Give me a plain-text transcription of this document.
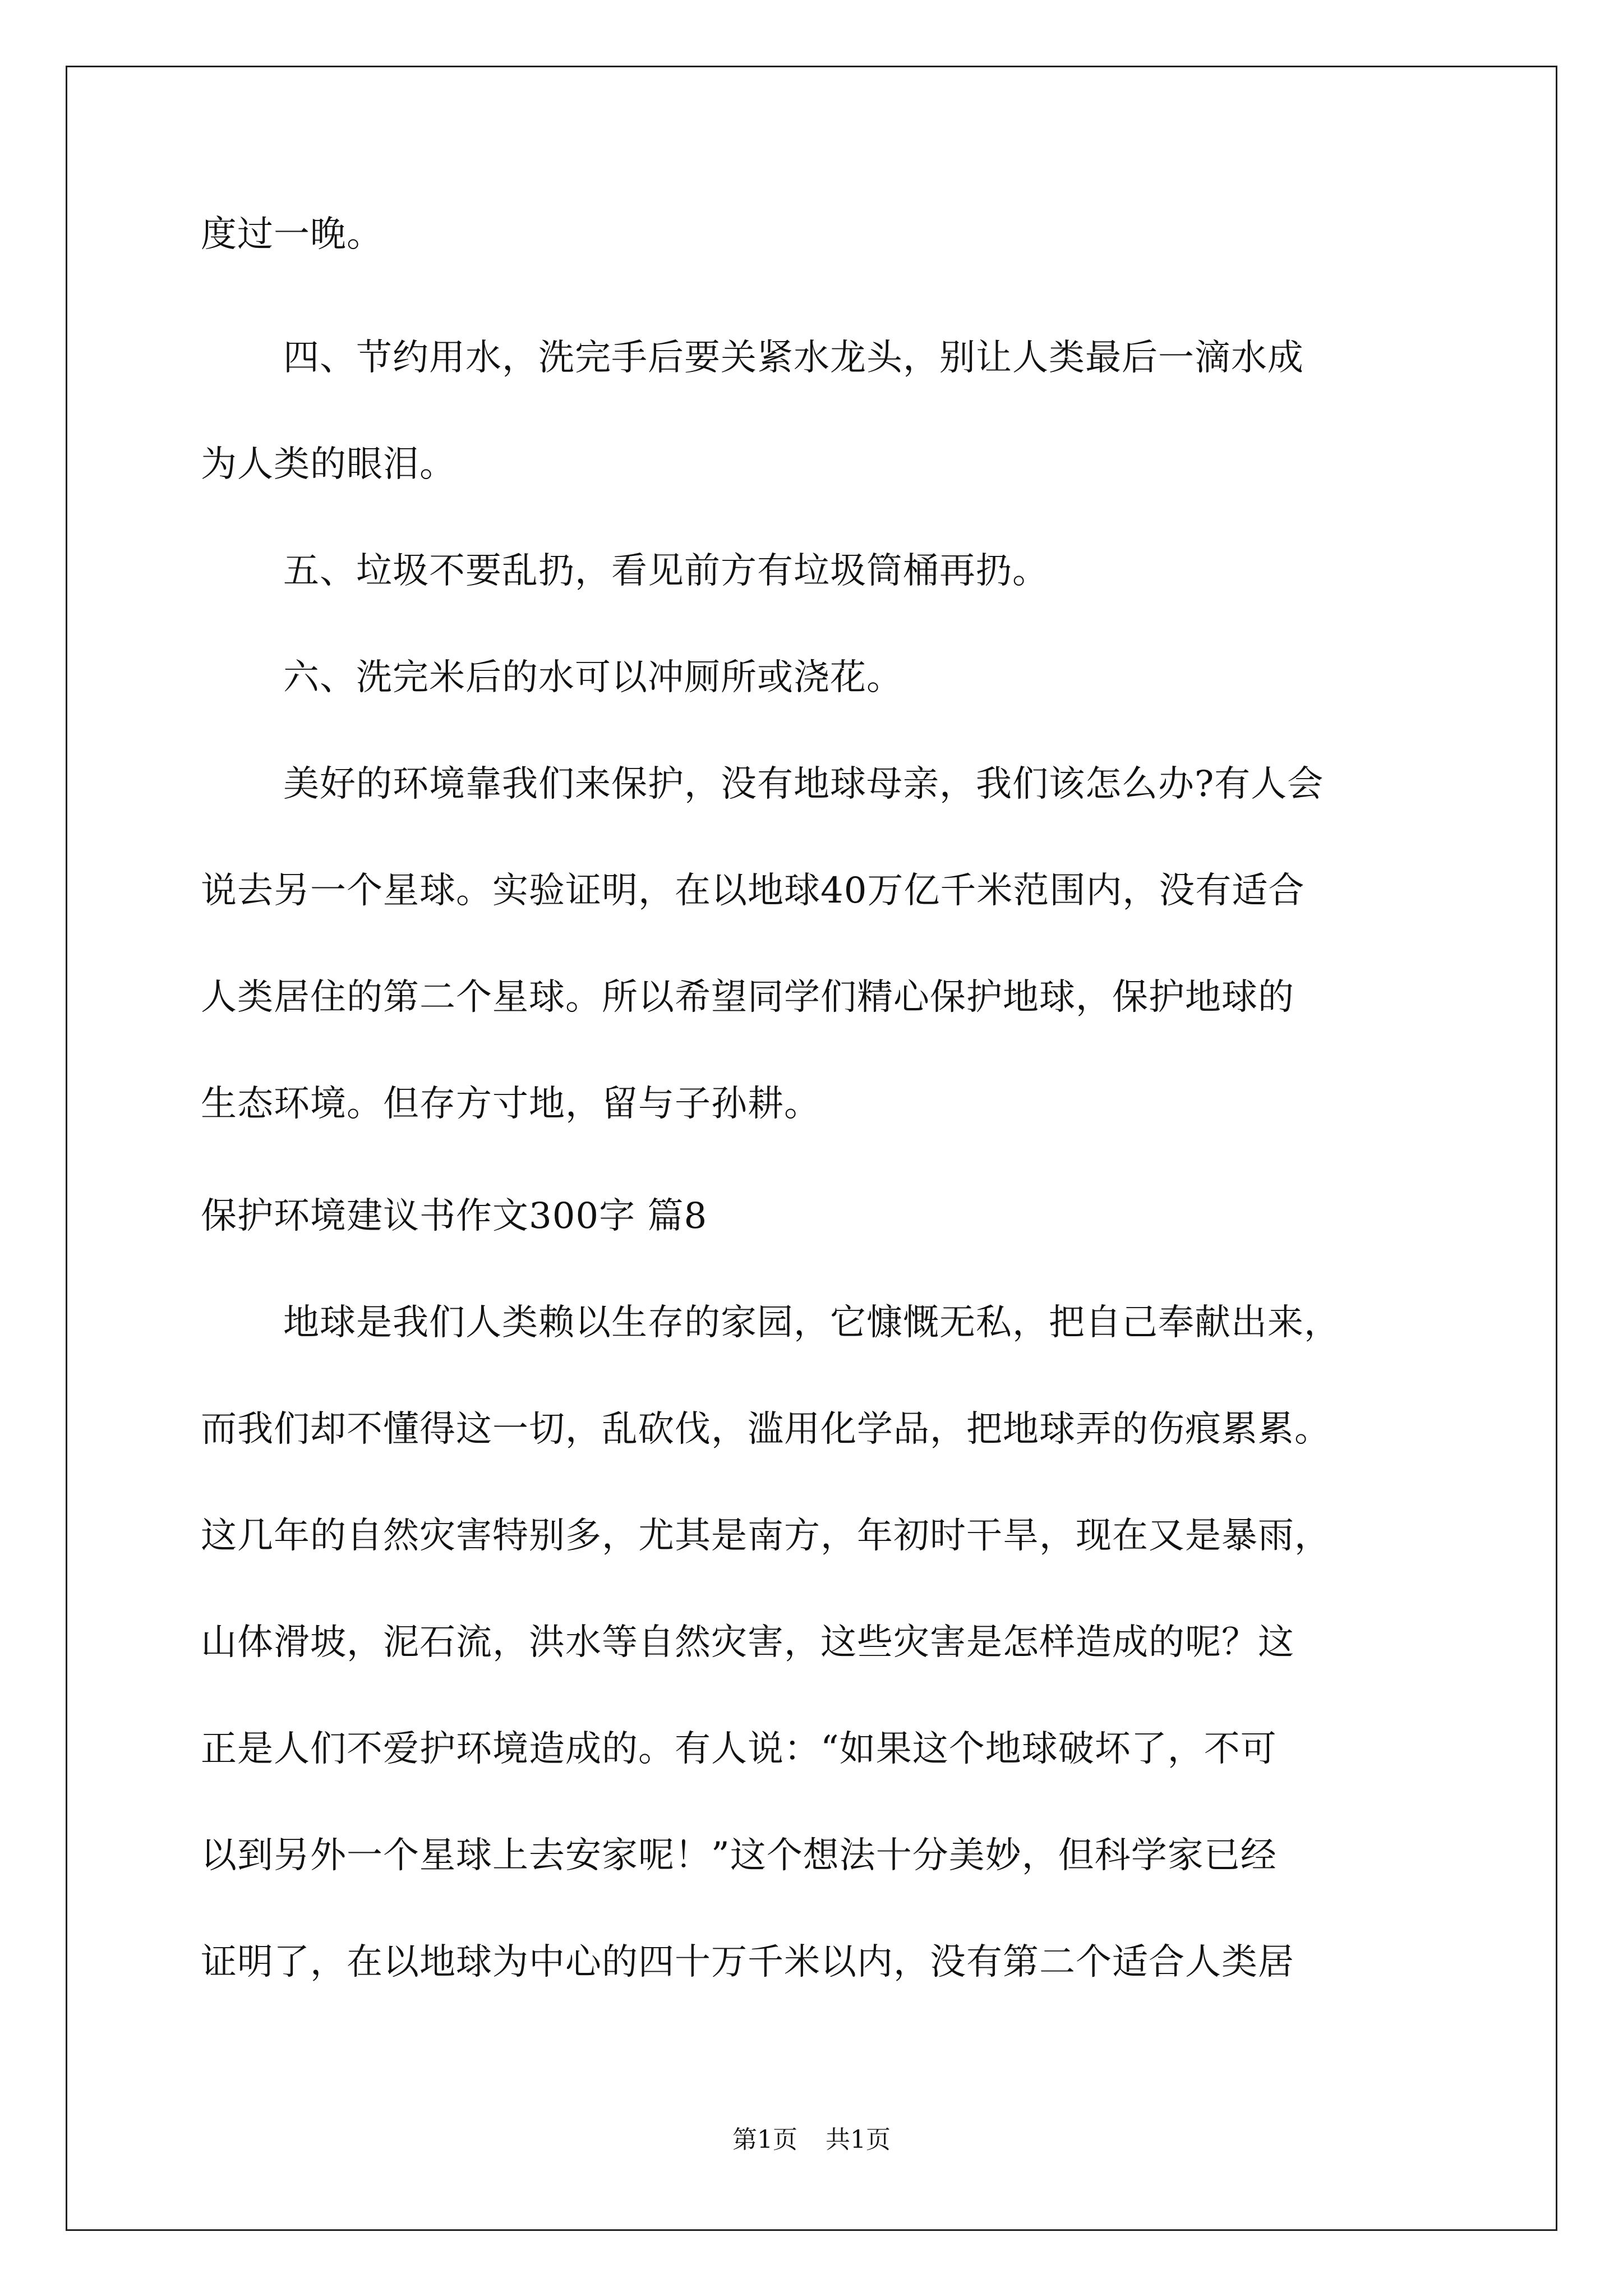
度过一晚。
四、节约用水，洗完手后要关紧水龙头，别让人类最后一滴水成
为人类的眼泪。
五、垃圾不要乱扔，看见前方有垃圾筒桶再扔。
六、洗完米后的水可以冲厕所或浇花。
美好的环境靠我们来保护，没有地球母亲，我们该怎么办?有人会
说去另一个星球。实验证明，在以地球40万亿千米范围内，没有适合
人类居住的第二个星球。所以希望同学们精心保护地球，保护地球的
生态环境。但存方寸地，留与子孙耕。
保护环境建议书作文300字 篇8
地球是我们人类赖以生存的家园，它慷慨无私，把自己奉献出来，
而我们却不懂得这一切，乱砍伐，滥用化学品，把地球弄的伤痕累累。
这几年的自然灾害特别多，尤其是南方，年初时干旱，现在又是暴雨，
山体滑坡，泥石流，洪水等自然灾害，这些灾害是怎样造成的呢？这
正是人们不爱护环境造成的。有人说：“如果这个地球破坏了，不可
以到另外一个星球上去安家呢！”这个想法十分美妙，但科学家已经
证明了，在以地球为中心的四十万千米以内，没有第二个适合人类居
第1页 共1页
